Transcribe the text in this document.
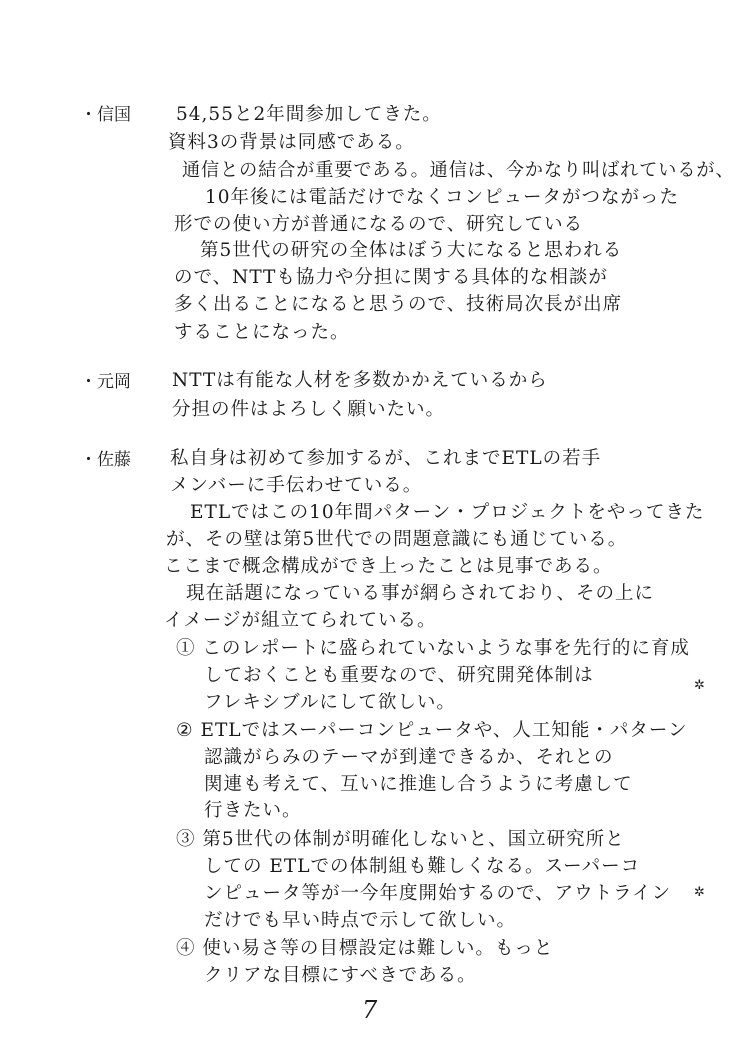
・信国 54,55と2年間参加してきた。
資料3の背景は同感である。
通信との結合が重要である。通信は、今かなり叫ばれているが、
10年後には電話だけでなくコンピュータがつながった
形での使い方が普通になるので、研究している
第5世代の研究の全体はぼう大になると思われる
ので、NTTも協力や分担に関する具体的な相談が
多く出ることになると思うので、技術局次長が出席
することになった。
・元岡 NTTは有能な人材を多数かかえているから
分担の件はよろしく願いたい。
・佐藤 私自身は初めて参加するが、これまでETLの若手
メンバーに手伝わせている。
ETLではこの10年間パターン・プロジェクトをやってきた
が、その壁は第5世代での問題意識にも通じている。
ここまで概念構成ができ上ったことは見事である。
現在話題になっている事が網らされており、その上に
イメージが組立てられている。
① このレポートに盛られていないような事を先行的に育成
しておくことも重要なので、研究開発体制は
フレキシブルにして欲しい。
② ETLではスーパーコンピュータや、人工知能・パターン
認識がらみのテーマが到達できるか、それとの
関連も考えて、互いに推進し合うように考慮して
行きたい。
③ 第5世代の体制が明確化しないと、国立研究所と
しての ETLでの体制組も難しくなる。スーパーコ
ンピュータ等が一今年度開始するので、アウトライン
だけでも早い時点で示して欲しい。
④ 使い易さ等の目標設定は難しい。もっと
クリアな目標にすべきである。
✲
✲
7
